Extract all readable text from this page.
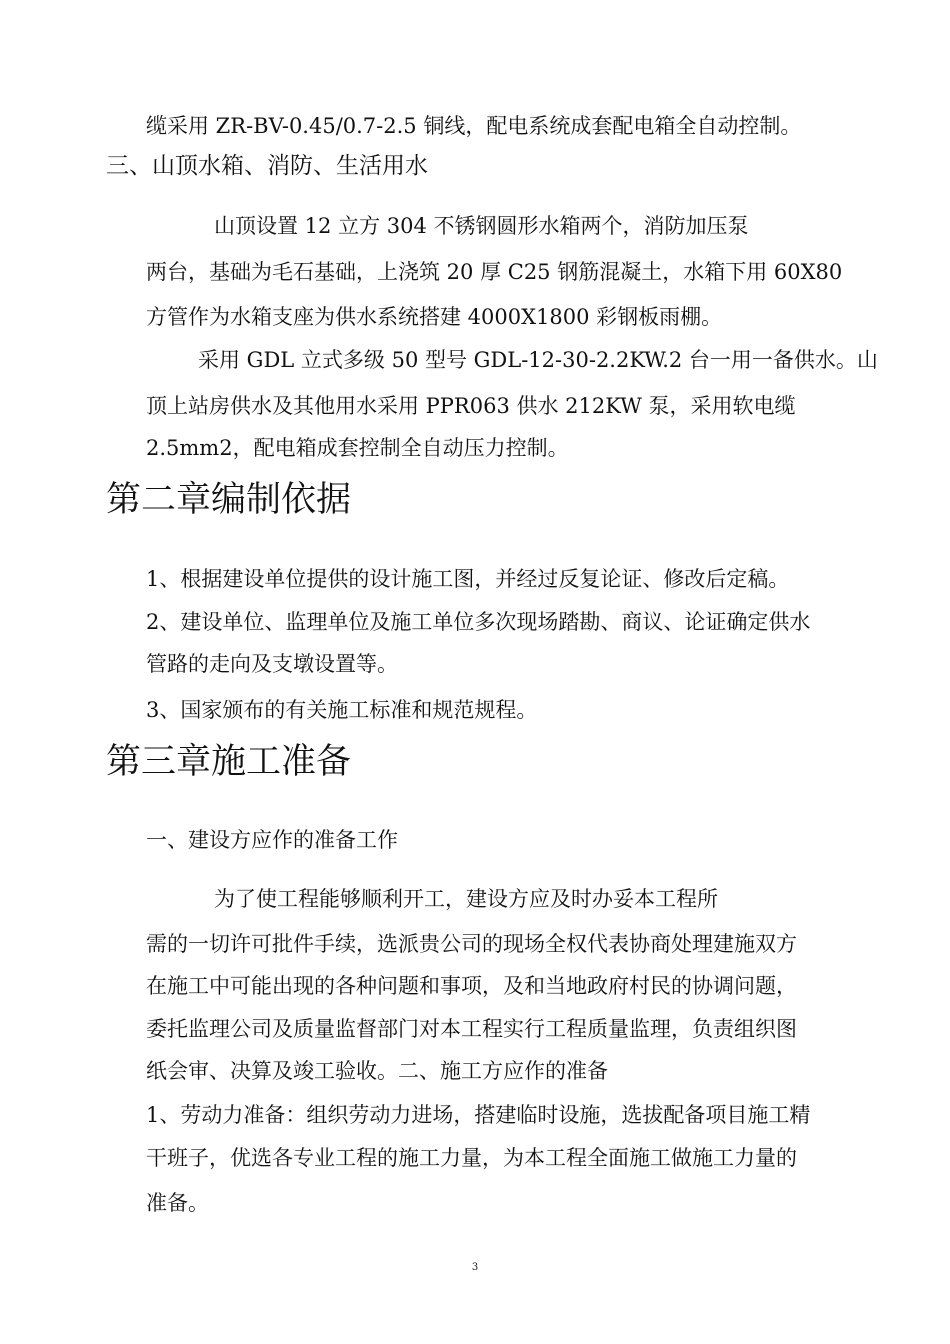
缆采用 ZR-BV-0.45/0.7-2.5 铜线，配电系统成套配电箱全自动控制。
三、山顶水箱、消防、生活用水
山顶设置 12 立方 304 不锈钢圆形水箱两个，消防加压泵
两台，基础为毛石基础，上浇筑 20 厚 C25 钢筋混凝土，水箱下用 60X80
方管作为水箱支座为供水系统搭建 4000X1800 彩钢板雨棚。
采用 GDL 立式多级 50 型号 GDL-12-30-2.2KW.2 台一用一备供水。山
顶上站房供水及其他用水采用 PPR063 供水 212KW 泵，采用软电缆
2.5mm2，配电箱成套控制全自动压力控制。
第二章编制依据
1、根据建设单位提供的设计施工图，并经过反复论证、修改后定稿。
2、建设单位、监理单位及施工单位多次现场踏勘、商议、论证确定供水
管路的走向及支墩设置等。
3、国家颁布的有关施工标准和规范规程。
第三章施工准备
一、建设方应作的准备工作
为了使工程能够顺利开工，建设方应及时办妥本工程所
需的一切许可批件手续，选派贵公司的现场全权代表协商处理建施双方
在施工中可能出现的各种问题和事项，及和当地政府村民的协调问题，
委托监理公司及质量监督部门对本工程实行工程质量监理，负责组织图
纸会审、决算及竣工验收。二、施工方应作的准备
1、劳动力准备：组织劳动力进场，搭建临时设施，选拔配备项目施工精
干班子，优选各专业工程的施工力量，为本工程全面施工做施工力量的
准备。
3
